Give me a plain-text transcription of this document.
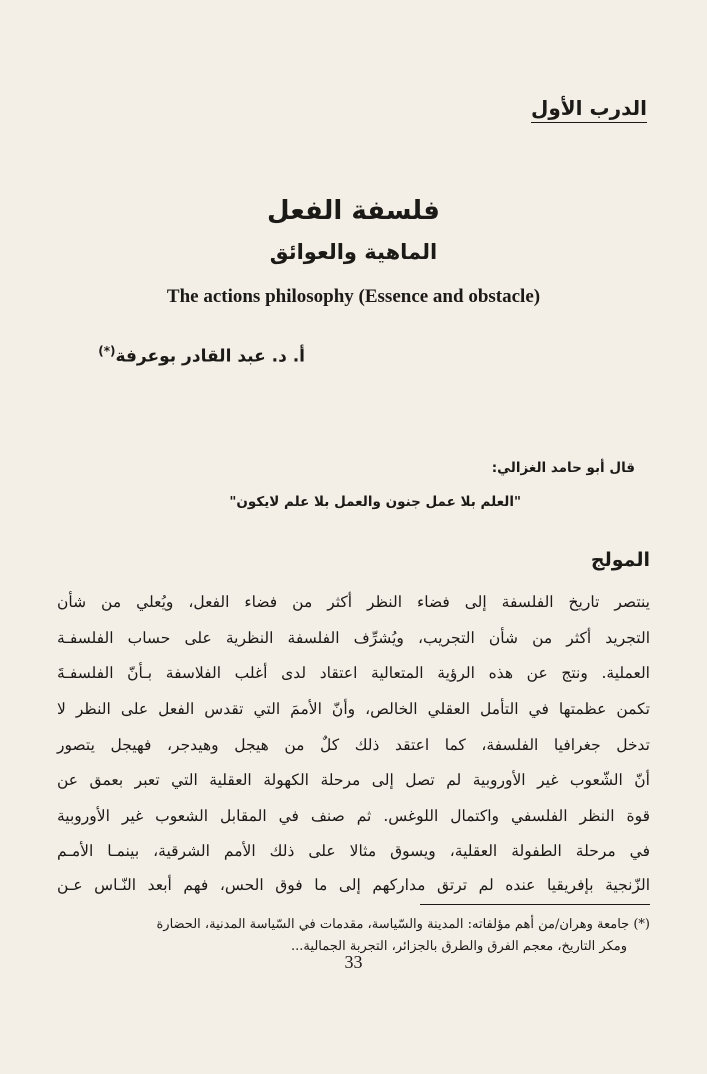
الدرب الأول
فلسفة الفعل
الماهية والعوائق
The actions philosophy (Essence and obstacle)
أ. د. عبد القادر بوعرفة(*)
قال أبو حامد الغزالي:
"العلم بلا عمل جنون والعمل بلا علم لايكون"
المولج
ينتصر تاريخ الفلسفة إلى فضاء النظر أكثر من فضاء الفعل، ويُعلي من شأن
التجريد أكثر من شأن التجريب، ويُشرِّف الفلسفة النظرية على حساب الفلسفـة
العملية. ونتج عن هذه الرؤية المتعالية اعتقاد لدى أغلب الفلاسفة بـأنّ الفلسفـةَ
تكمن عظمتها في التأمل العقلي الخالص، وأنّ الأممَ التي تقدس الفعل على النظر لا
تدخل جغرافيا الفلسفة، كما اعتقد ذلك كلٌ من هيجل وهيدجر، فهيجل يتصور
أنّ الشّعوب غير الأوروبية لم تصل إلى مرحلة الكهولة العقلية التي تعبر بعمق عن
قوة النظر الفلسفي واكتمال اللوغس. ثم صنف في المقابل الشعوب غير الأوروبية
في مرحلة الطفولة العقلية، ويسوق مثالا على ذلك الأمم الشرقية، بينمـا الأمـم
الزّنجية بإفريقيا عنده لم ترتق مداركهم إلى ما فوق الحس، فهم أبعد النّـاس عـن
(*) جامعة وهران/من أهم مؤلفاته: المدينة والسّياسة، مقدمات في السّياسة المدنية، الحضارة
ومكر التاريخ، معجم الفرق والطرق بالجزائر، التجربة الجمالية...
33
